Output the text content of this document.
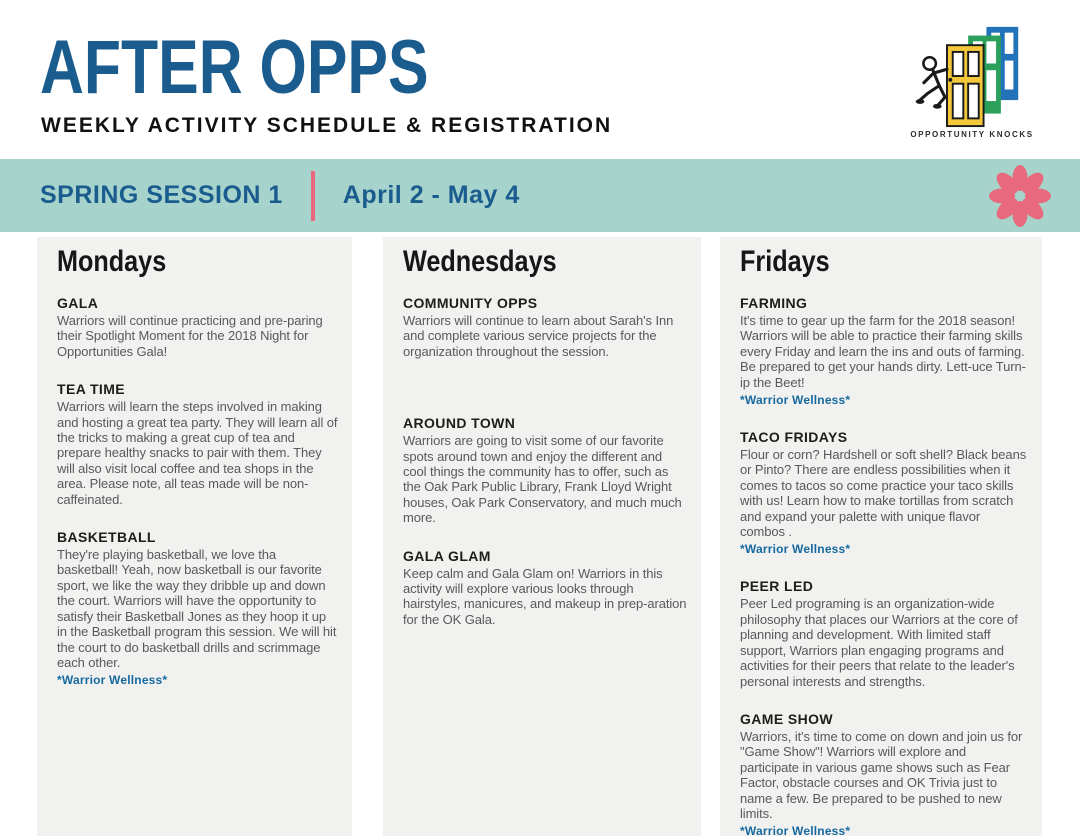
AFTER OPPS
WEEKLY ACTIVITY SCHEDULE & REGISTRATION	OPPORTUNITY KNOCKS
SPRING SESSION 1 April 2 - May 4
Mondays
GALA

Warriors will continue practicing and pre-paring their Spotlight Moment for the 2018 Night for Opportunities Gala!

TEA TIME

Warriors will learn the steps involved in making and hosting a great tea party. They will learn all of the tricks to making a great cup of tea and prepare healthy snacks to pair with them. They will also visit local coffee and tea shops in the area. Please note, all teas made will be non-caffeinated.

BASKETBALL

They're playing basketball, we love tha basketball! Yeah, now basketball is our favorite sport, we like the way they dribble up and down the court. Warriors will have the opportunity to satisfy their Basketball Jones as they hoop it up in the Basketball program this session. We will hit the court to do basketball drills and scrimmage each other.

*Warrior Wellness*
Wednesdays
COMMUNITY OPPS

Warriors will continue to learn about Sarah's Inn and complete various service projects for the organization throughout the session.

AROUND TOWN

Warriors are going to visit some of our favorite spots around town and enjoy the different and cool things the community has to offer, such as the Oak Park Public Library, Frank Lloyd Wright houses, Oak Park Conservatory, and much much more.

GALA GLAM

Keep calm and Gala Glam on! Warriors in this activity will explore various looks through hairstyles, manicures, and makeup in prep-aration for the OK Gala.

Fridays
FARMING

It's time to gear up the farm for the 2018 season! Warriors will be able to practice their farming skills every Friday and learn the ins and outs of farming. Be prepared to get your hands dirty. Lett-uce Turn-ip the Beet!

*Warrior Wellness*
TACO FRIDAYS

Flour or corn? Hardshell or soft shell? Black beans or Pinto? There are endless possibilities when it comes to tacos so come practice your taco skills with us! Learn how to make tortillas from scratch and expand your palette with unique flavor combos .

*Warrior Wellness*
PEER LED

Peer Led programing is an organization-wide philosophy that places our Warriors at the core of planning and development. With limited staff support, Warriors plan engaging programs and activities for their peers that relate to the leader's personal interests and strengths.

GAME SHOW

Warriors, it's time to come on down and join us for "Game Show"! Warriors will explore and participate in various game shows such as Fear Factor, obstacle courses and OK Trivia just to name a few. Be prepared to be pushed to new limits.

*Warrior Wellness*
